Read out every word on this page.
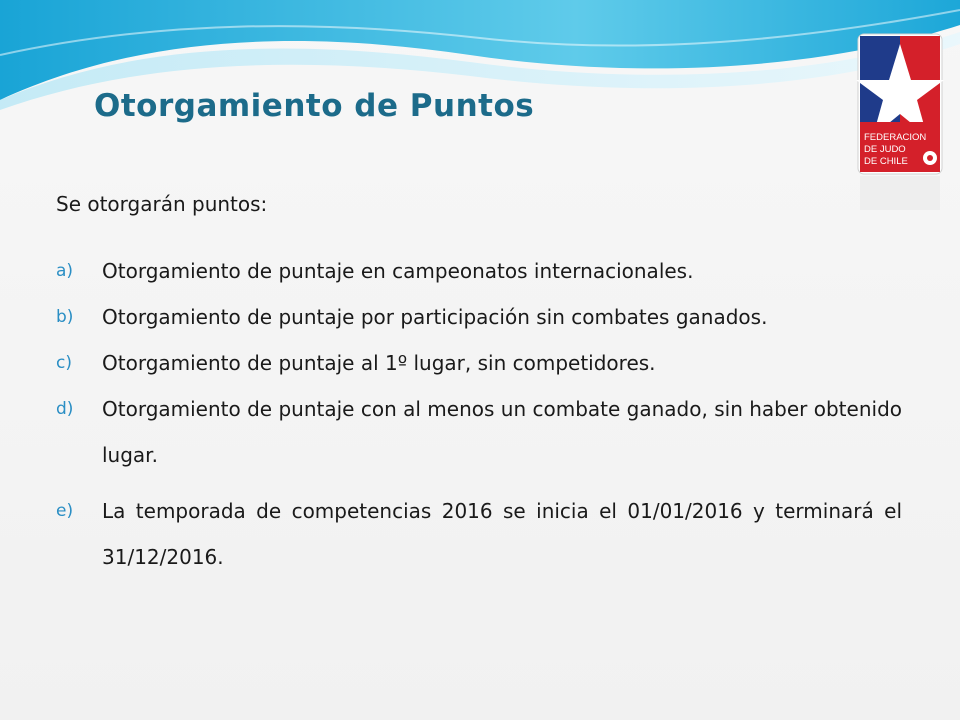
Otorgamiento de Puntos
FEDERACION
DE JUDO
DE CHILE
Se otorgarán puntos:
a)	Otorgamiento de puntaje en campeonatos internacionales.
b)	Otorgamiento de puntaje por participación sin combates ganados.
c)	Otorgamiento de puntaje al 1º lugar, sin competidores.
d)	Otorgamiento de puntaje con al menos un combate ganado, sin haber obtenido lugar.
e)	La temporada de competencias 2016 se inicia el 01/01/2016 y terminará el 31/12/2016.
